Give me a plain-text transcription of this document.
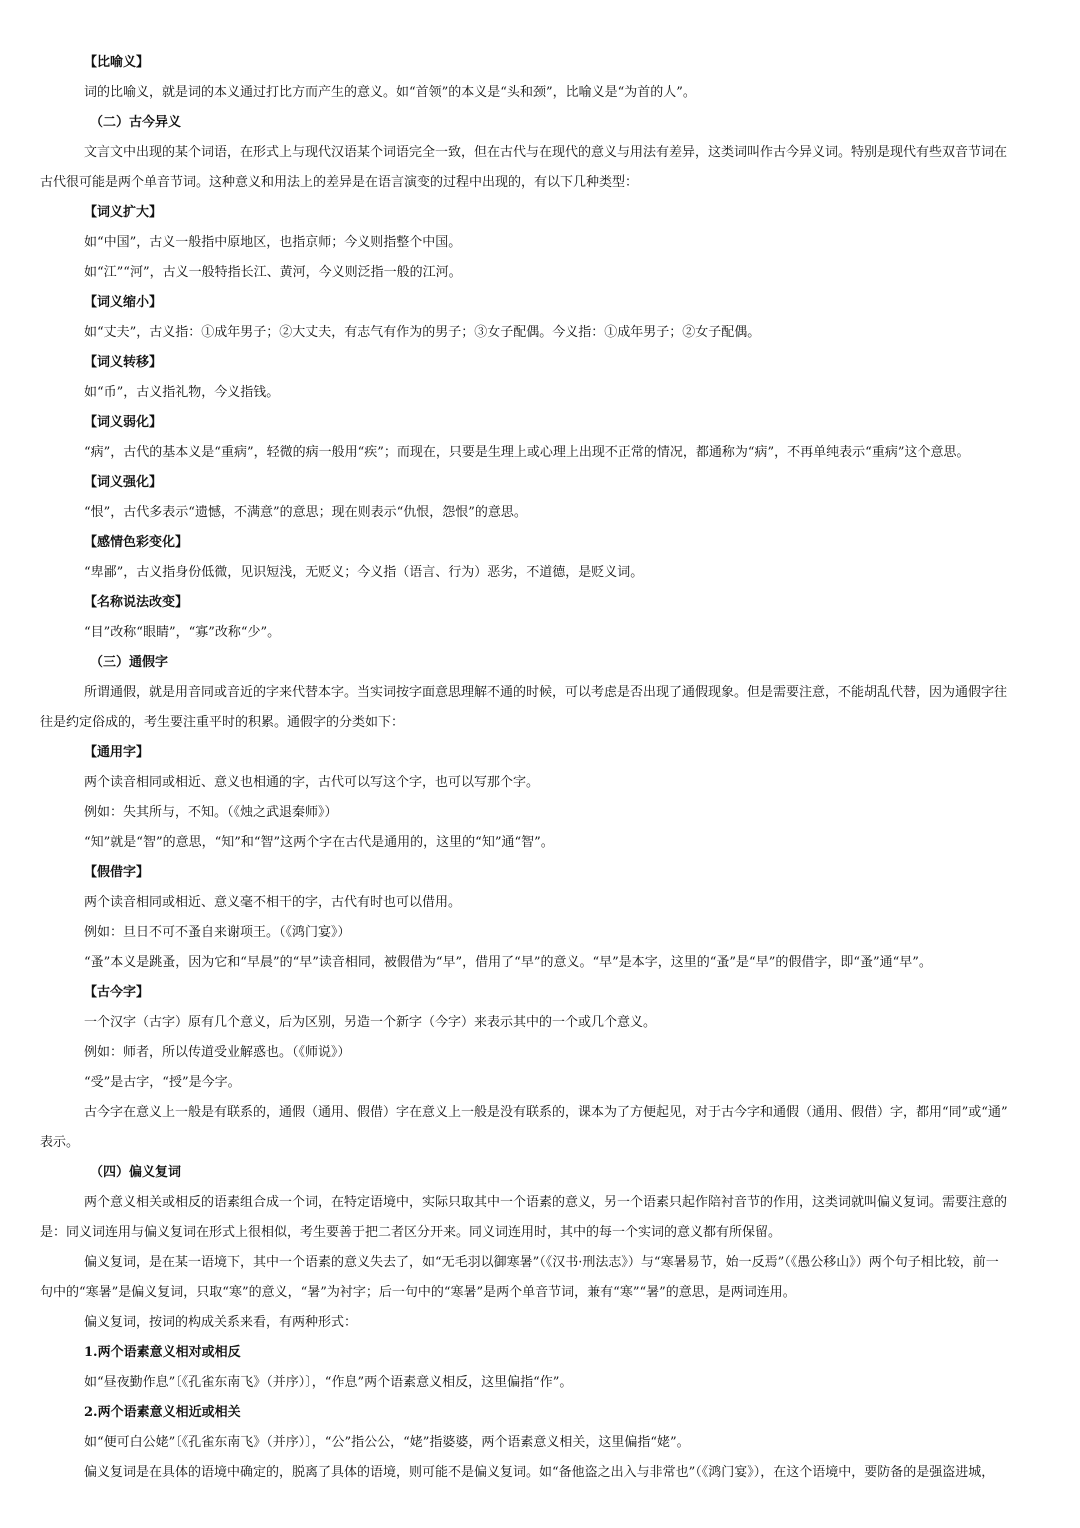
【比喻义】

词的比喻义，就是词的本义通过打比方而产生的意义。如“首领”的本义是“头和颈”，比喻义是“为首的人”。

（二）古今异义

文言文中出现的某个词语，在形式上与现代汉语某个词语完全一致，但在古代与在现代的意义与用法有差异，这类词叫作古今异义词。特别是现代有些双音节词在

古代很可能是两个单音节词。这种意义和用法上的差异是在语言演变的过程中出现的，有以下几种类型：

【词义扩大】

如“中国”，古义一般指中原地区，也指京师；今义则指整个中国。

如“江”“河”，古义一般特指长江、黄河，今义则泛指一般的江河。

【词义缩小】

如“丈夫”，古义指：①成年男子；②大丈夫，有志气有作为的男子；③女子配偶。今义指：①成年男子；②女子配偶。

【词义转移】

如“币”，古义指礼物，今义指钱。

【词义弱化】

“病”，古代的基本义是“重病”，轻微的病一般用“疾”；而现在，只要是生理上或心理上出现不正常的情况，都通称为“病”，不再单纯表示“重病”这个意思。

【词义强化】

“恨”，古代多表示“遗憾，不满意”的意思；现在则表示“仇恨，怨恨”的意思。

【感情色彩变化】

“卑鄙”，古义指身份低微，见识短浅，无贬义；今义指（语言、行为）恶劣，不道德，是贬义词。

【名称说法改变】

“目”改称“眼睛”，“寡”改称“少”。

（三）通假字

所谓通假，就是用音同或音近的字来代替本字。当实词按字面意思理解不通的时候，可以考虑是否出现了通假现象。但是需要注意，不能胡乱代替，因为通假字往

往是约定俗成的，考生要注重平时的积累。通假字的分类如下：

【通用字】

两个读音相同或相近、意义也相通的字，古代可以写这个字，也可以写那个字。

例如：失其所与，不知。（《烛之武退秦师》）

“知”就是“智”的意思，“知”和“智”这两个字在古代是通用的，这里的“知”通“智”。

【假借字】

两个读音相同或相近、意义毫不相干的字，古代有时也可以借用。

例如：旦日不可不蚤自来谢项王。（《鸿门宴》）

“蚤”本义是跳蚤，因为它和“早晨”的“早”读音相同，被假借为“早”，借用了“早”的意义。“早”是本字，这里的“蚤”是“早”的假借字，即“蚤”通“早”。

【古今字】

一个汉字（古字）原有几个意义，后为区别，另造一个新字（今字）来表示其中的一个或几个意义。

例如：师者，所以传道受业解惑也。（《师说》）

“受”是古字，“授”是今字。

古今字在意义上一般是有联系的，通假（通用、假借）字在意义上一般是没有联系的，课本为了方便起见，对于古今字和通假（通用、假借）字，都用“同”或“通”

表示。

（四）偏义复词

两个意义相关或相反的语素组合成一个词，在特定语境中，实际只取其中一个语素的意义，另一个语素只起作陪衬音节的作用，这类词就叫偏义复词。需要注意的

是：同义词连用与偏义复词在形式上很相似，考生要善于把二者区分开来。同义词连用时，其中的每一个实词的意义都有所保留。

偏义复词，是在某一语境下，其中一个语素的意义失去了，如“无毛羽以御寒暑”（《汉书·刑法志》）与“寒暑易节，始一反焉”（《愚公移山》）两个句子相比较，前一

句中的“寒暑”是偏义复词，只取“寒”的意义，“暑”为衬字；后一句中的“寒暑”是两个单音节词，兼有“寒”“暑”的意思，是两词连用。

偏义复词，按词的构成关系来看，有两种形式：

1.两个语素意义相对或相反

如“昼夜勤作息”〔《孔雀东南飞》（并序）〕，“作息”两个语素意义相反，这里偏指“作”。

2.两个语素意义相近或相关

如“便可白公姥”〔《孔雀东南飞》（并序）〕，“公”指公公，“姥”指婆婆，两个语素意义相关，这里偏指“姥”。

偏义复词是在具体的语境中确定的，脱离了具体的语境，则可能不是偏义复词。如“备他盗之出入与非常也”（《鸿门宴》），在这个语境中，要防备的是强盗进城，
